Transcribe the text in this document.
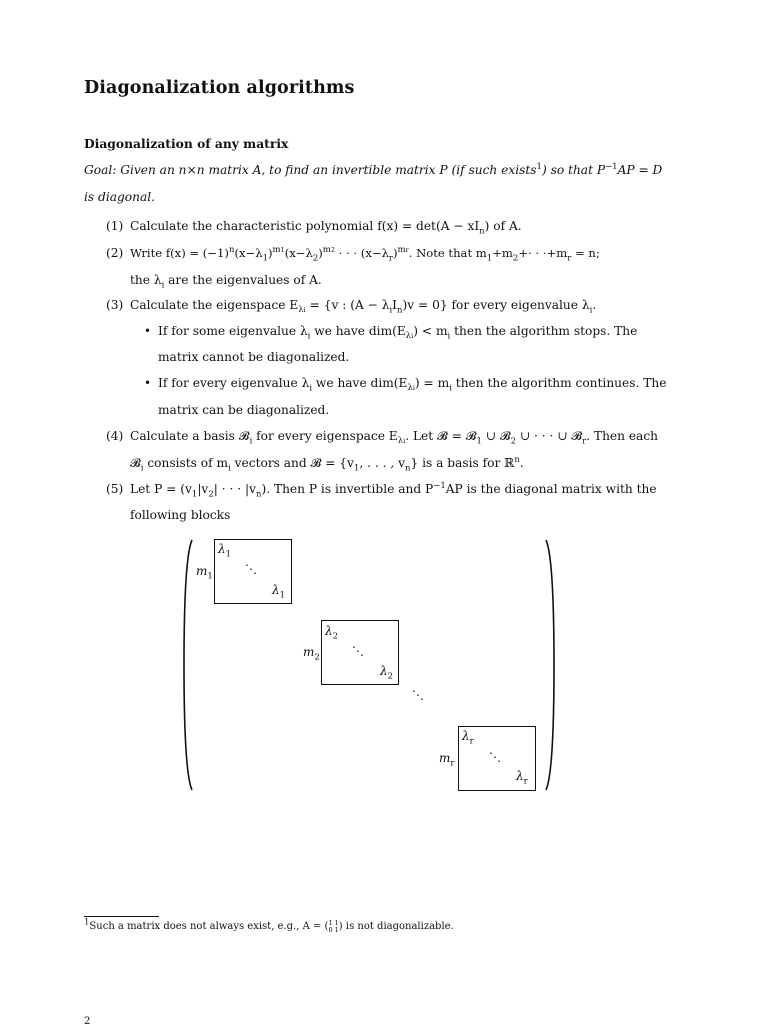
Diagonalization algorithms
Diagonalization of any matrix
Goal: Given an n×n matrix A, to find an invertible matrix P (if such exists$^1$) so that $P^{-1}AP = D$
is diagonal.
(1) Calculate the characteristic polynomial $f(x) = \det(A - xI_n)$ of A.
(2) Write $f(x) = (-1)^n(x-\lambda_1)^{m1}(x-\lambda_2)^{m2}$ · · · $(x-\lambda_r)^{mr}$. Note that $m_1+m_2+\cdot \cdot \cdot+m_r = n$;
the $\lambda_i$ are the eigenvalues of A.
(3) Calculate the eigenspace $E_{\lambda i} = \{v$ : $(A - \lambda_iI_n)v = 0$} for every eigenvalue $\lambda_i$.
• If for some eigenvalue $\lambda_i$ we have $dim(E_{\lambda i}) < m_i$ then the algorithm stops. The
matrix cannot be diagonalized.
• If for every eigenvalue $\lambda_i$ we have $dim(E_{\lambda i}) = m_i$ then the algorithm continues. The
matrix can be diagonalized.
(4) Calculate a basis 𝓑$_i$ for every eigenspace $E_{\lambda i}$. Let 𝓑 = 𝓑$_1$ ∪ 𝓑$_2$ ∪ · · · ∪ 𝓑$_r$. Then each
𝓑$_i$ consists of $m_i$ vectors and 𝓑 = {$v_1$, . . . , $v_n$} is a basis for ℝ$^n$.
(5) Let $P = (v_1|v_2|$ · · · $|v_n$). Then P is invertible and $P^{-1}AP$ is the diagonal matrix with the
following blocks
$\lambda_1$
⋱
$\lambda_1$
$m_1$
$\lambda_2$
⋱
$\lambda_2$
$m_2$
⋱
$\lambda_r$
⋱
$\lambda_r$
$m_r$
$^1$Such a matrix does not always exist, e.g., A = (1 1
0 1) is not diagonalizable.
2
